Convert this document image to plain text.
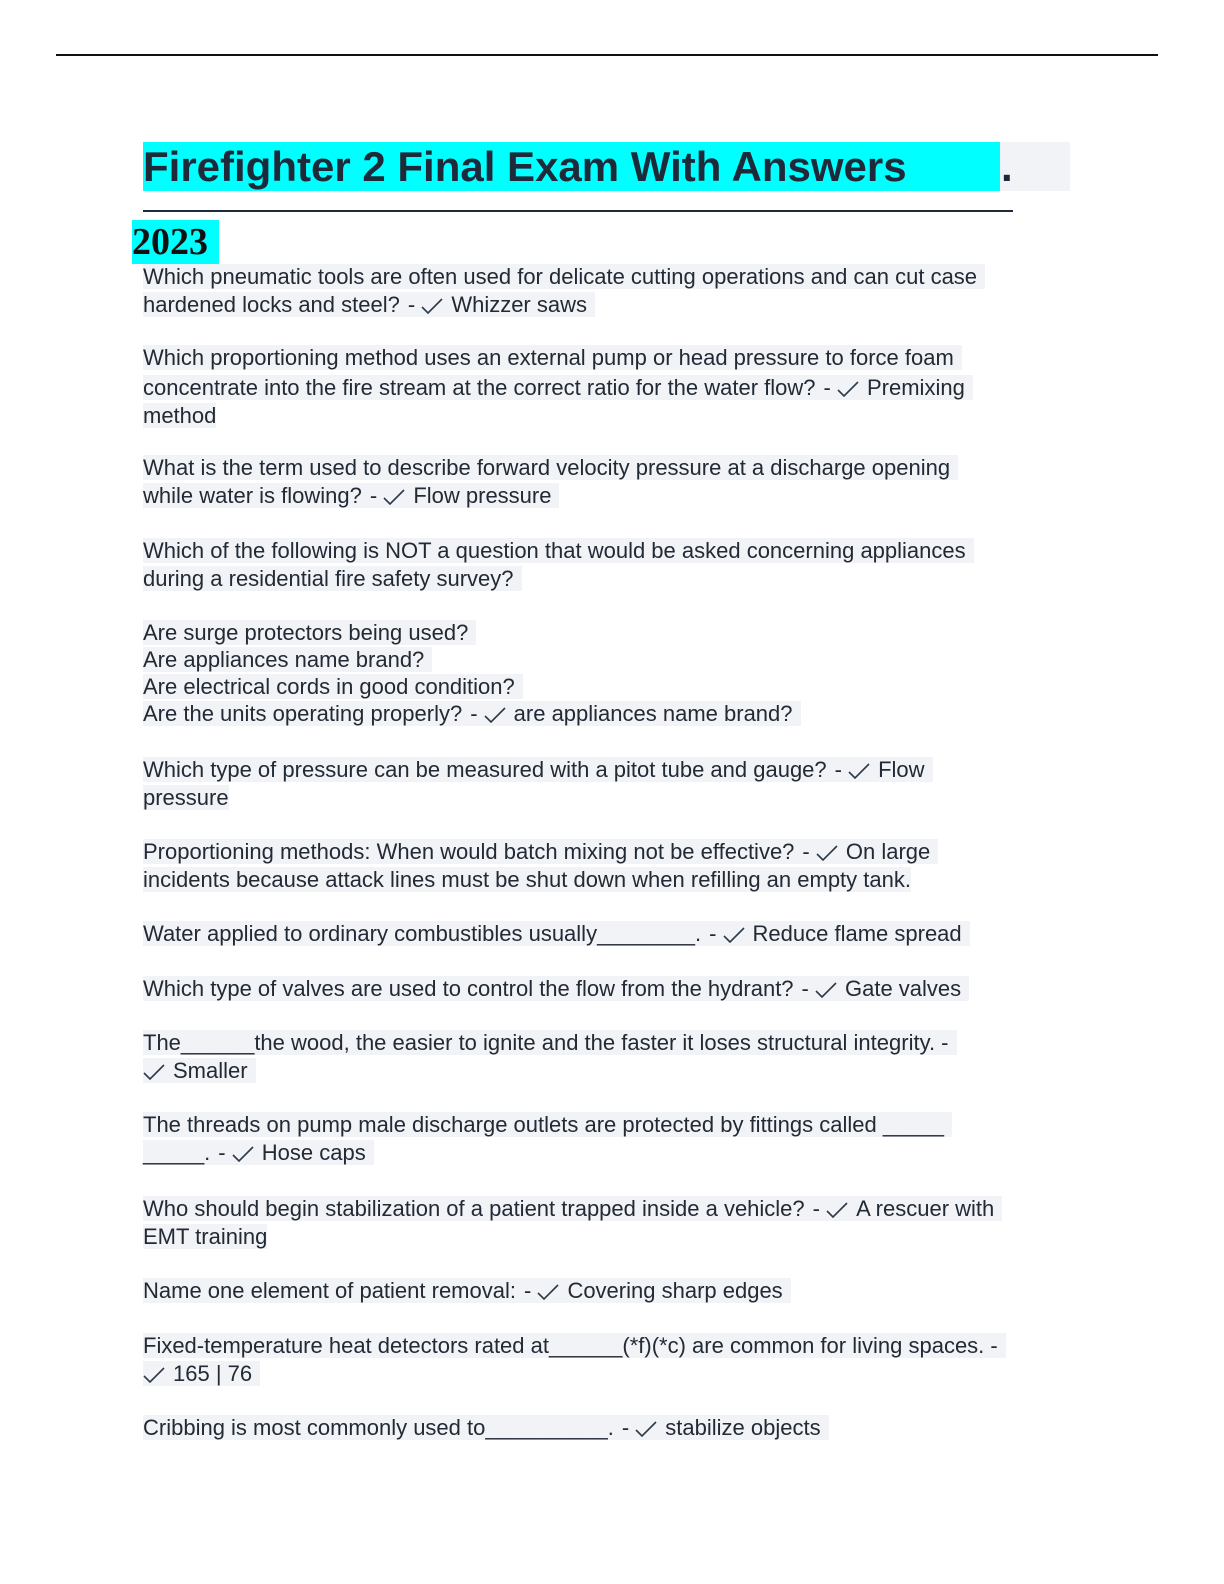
Firefighter 2 Final Exam With Answers	.
2023
Which pneumatic tools are often used for delicate cutting operations and can cut case
hardened locks and steel? -
Whizzer saws
Which proportioning method uses an external pump or head pressure to force foam
concentrate into the fire stream at the correct ratio for the water flow? -
Premixing
method
What is the term used to describe forward velocity pressure at a discharge opening
while water is flowing? -
Flow pressure
Which of the following is NOT a question that would be asked concerning appliances
during a residential fire safety survey?
Are surge protectors being used?
Are appliances name brand?
Are electrical cords in good condition?
Are the units operating properly? -
are appliances name brand?
Which type of pressure can be measured with a pitot tube and gauge? -
Flow
pressure
Proportioning methods: When would batch mixing not be effective? -
On large
incidents because attack lines must be shut down when refilling an empty tank.
Water applied to ordinary combustibles usually________. -
Reduce flame spread
Which type of valves are used to control the flow from the hydrant? -
Gate valves
The______the wood, the easier to ignite and the faster it loses structural integrity. -
Smaller
The threads on pump male discharge outlets are protected by fittings called _____
_____. -
Hose caps
Who should begin stabilization of a patient trapped inside a vehicle? -
A rescuer with
EMT training
Name one element of patient removal: -
Covering sharp edges
Fixed-temperature heat detectors rated at______(*f)(*c) are common for living spaces. -
165 | 76
Cribbing is most commonly used to__________. -
stabilize objects
